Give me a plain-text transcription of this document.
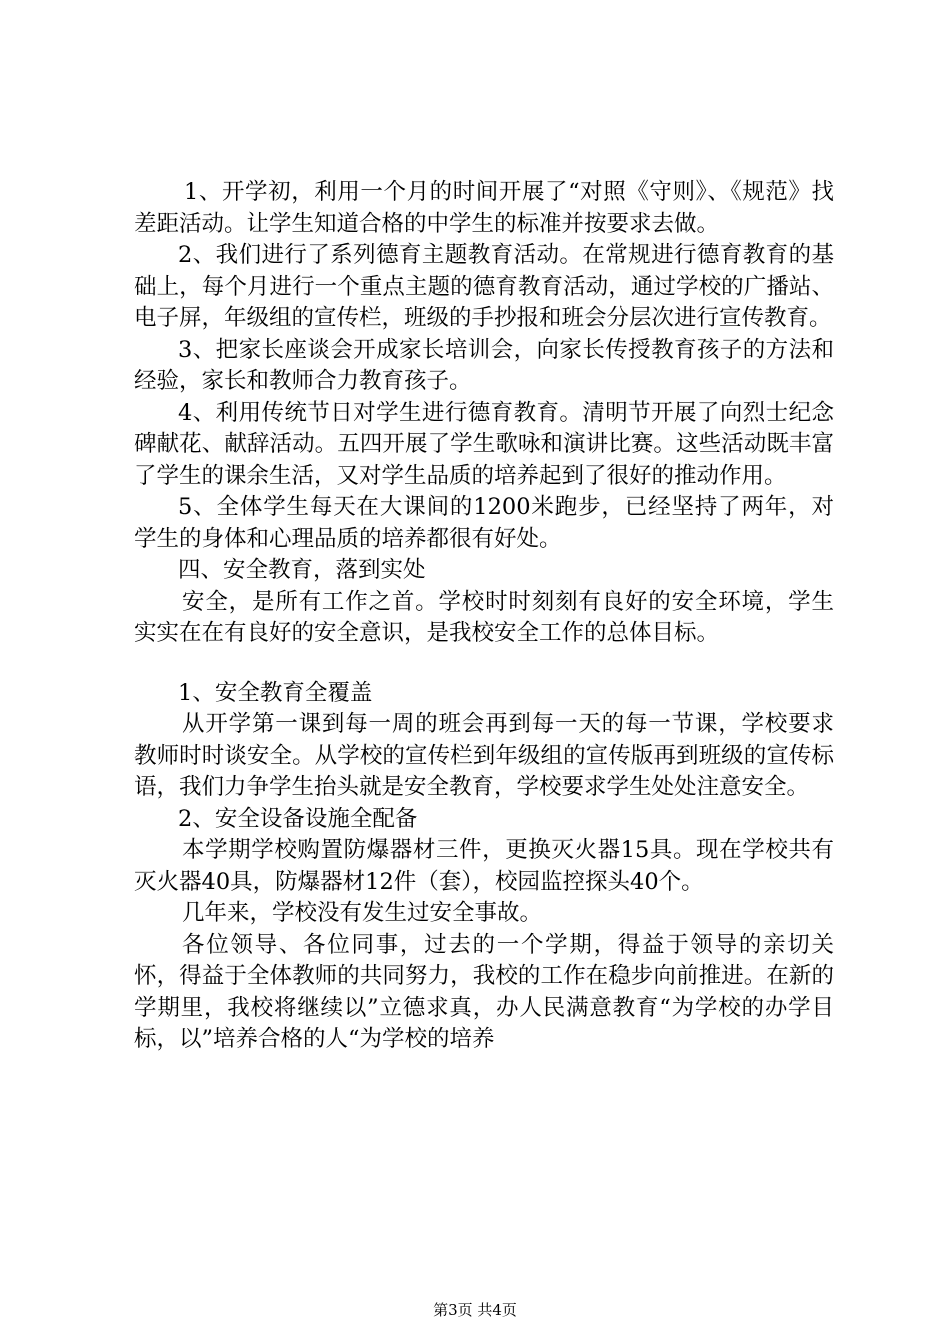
1、开学初，利用一个月的时间开展了“对照《守则》、《规范》找差距活动。让学生知道合格的中学生的标准并按要求去做。

2、我们进行了系列德育主题教育活动。在常规进行德育教育的基础上，每个月进行一个重点主题的德育教育活动，通过学校的广播站、电子屏，年级组的宣传栏，班级的手抄报和班会分层次进行宣传教育。

3、把家长座谈会开成家长培训会，向家长传授教育孩子的方法和经验，家长和教师合力教育孩子。

4、利用传统节日对学生进行德育教育。清明节开展了向烈士纪念碑献花、献辞活动。五四开展了学生歌咏和演讲比赛。这些活动既丰富了学生的课余生活，又对学生品质的培养起到了很好的推动作用。

5、全体学生每天在大课间的1200米跑步，已经坚持了两年，对学生的身体和心理品质的培养都很有好处。

四、安全教育，落到实处

安全，是所有工作之首。学校时时刻刻有良好的安全环境，学生实实在在有良好的安全意识，是我校安全工作的总体目标。

1、安全教育全覆盖

从开学第一课到每一周的班会再到每一天的每一节课，学校要求教师时时谈安全。从学校的宣传栏到年级组的宣传版再到班级的宣传标语，我们力争学生抬头就是安全教育，学校要求学生处处注意安全。

2、安全设备设施全配备

本学期学校购置防爆器材三件，更换灭火器15具。现在学校共有灭火器40具，防爆器材12件（套），校园监控探头40个。

几年来，学校没有发生过安全事故。

各位领导、各位同事，过去的一个学期，得益于领导的亲切关怀，得益于全体教师的共同努力，我校的工作在稳步向前推进。在新的学期里，我校将继续以”立德求真，办人民满意教育“为学校的办学目标，以”培养合格的人“为学校的培养

第3页 共4页
